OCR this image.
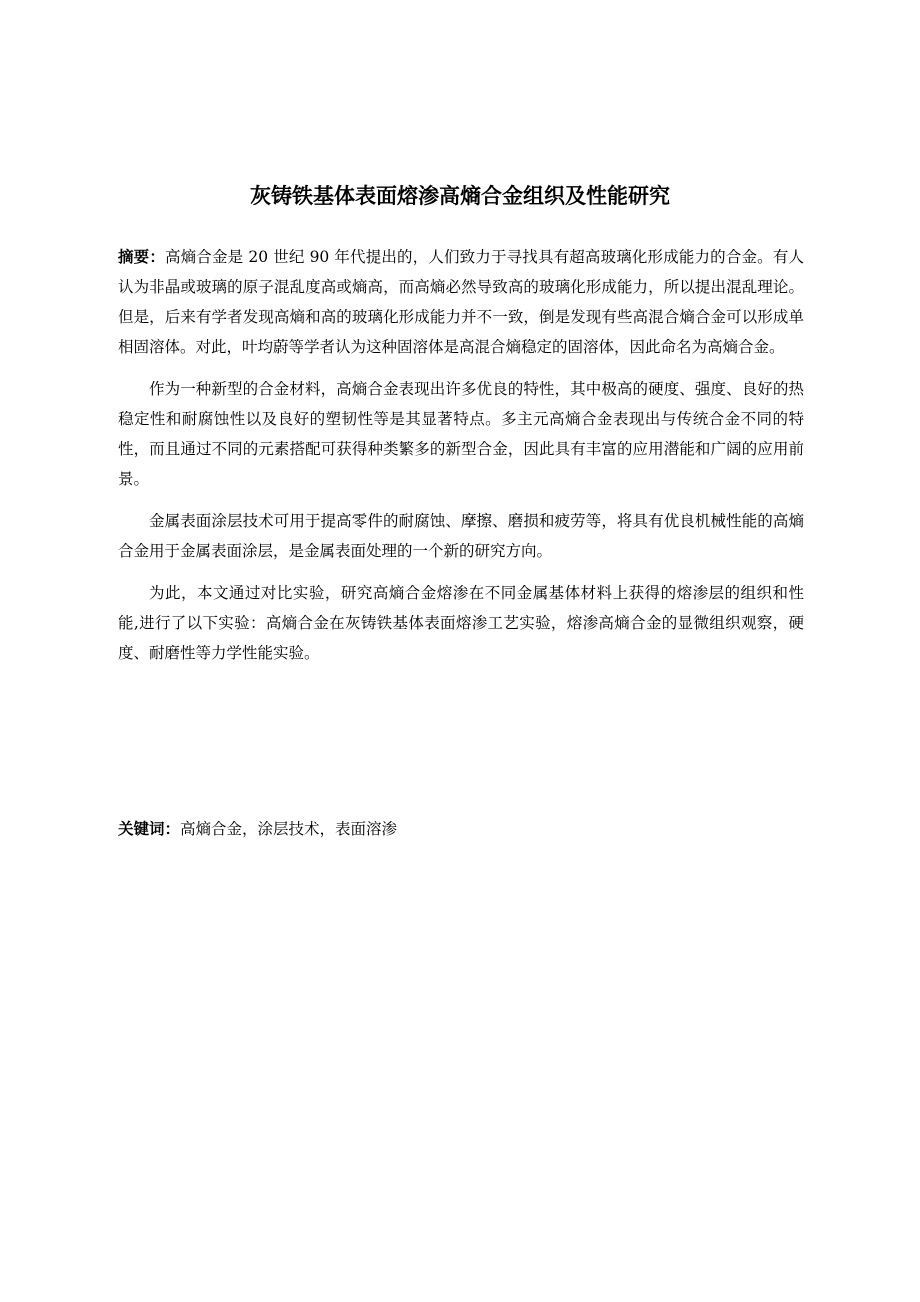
灰铸铁基体表面熔渗高熵合金组织及性能研究

摘要：高熵合金是 20 世纪 90 年代提出的，人们致力于寻找具有超高玻璃化形成能力的合金。有人认为非晶或玻璃的原子混乱度高或熵高，而高熵必然导致高的玻璃化形成能力，所以提出混乱理论。但是，后来有学者发现高熵和高的玻璃化形成能力并不一致，倒是发现有些高混合熵合金可以形成单相固溶体。对此，叶均蔚等学者认为这种固溶体是高混合熵稳定的固溶体，因此命名为高熵合金。

作为一种新型的合金材料，高熵合金表现出许多优良的特性，其中极高的硬度、强度、良好的热稳定性和耐腐蚀性以及良好的塑韧性等是其显著特点。多主元高熵合金表现出与传统合金不同的特性，而且通过不同的元素搭配可获得种类繁多的新型合金，因此具有丰富的应用潜能和广阔的应用前景。

金属表面涂层技术可用于提高零件的耐腐蚀、摩擦、磨损和疲劳等，将具有优良机械性能的高熵合金用于金属表面涂层，是金属表面处理的一个新的研究方向。

为此，本文通过对比实验，研究高熵合金熔渗在不同金属基体材料上获得的熔渗层的组织和性能,进行了以下实验：高熵合金在灰铸铁基体表面熔渗工艺实验，熔渗高熵合金的显微组织观察，硬度、耐磨性等力学性能实验。

关键词：高熵合金，涂层技术，表面溶渗
